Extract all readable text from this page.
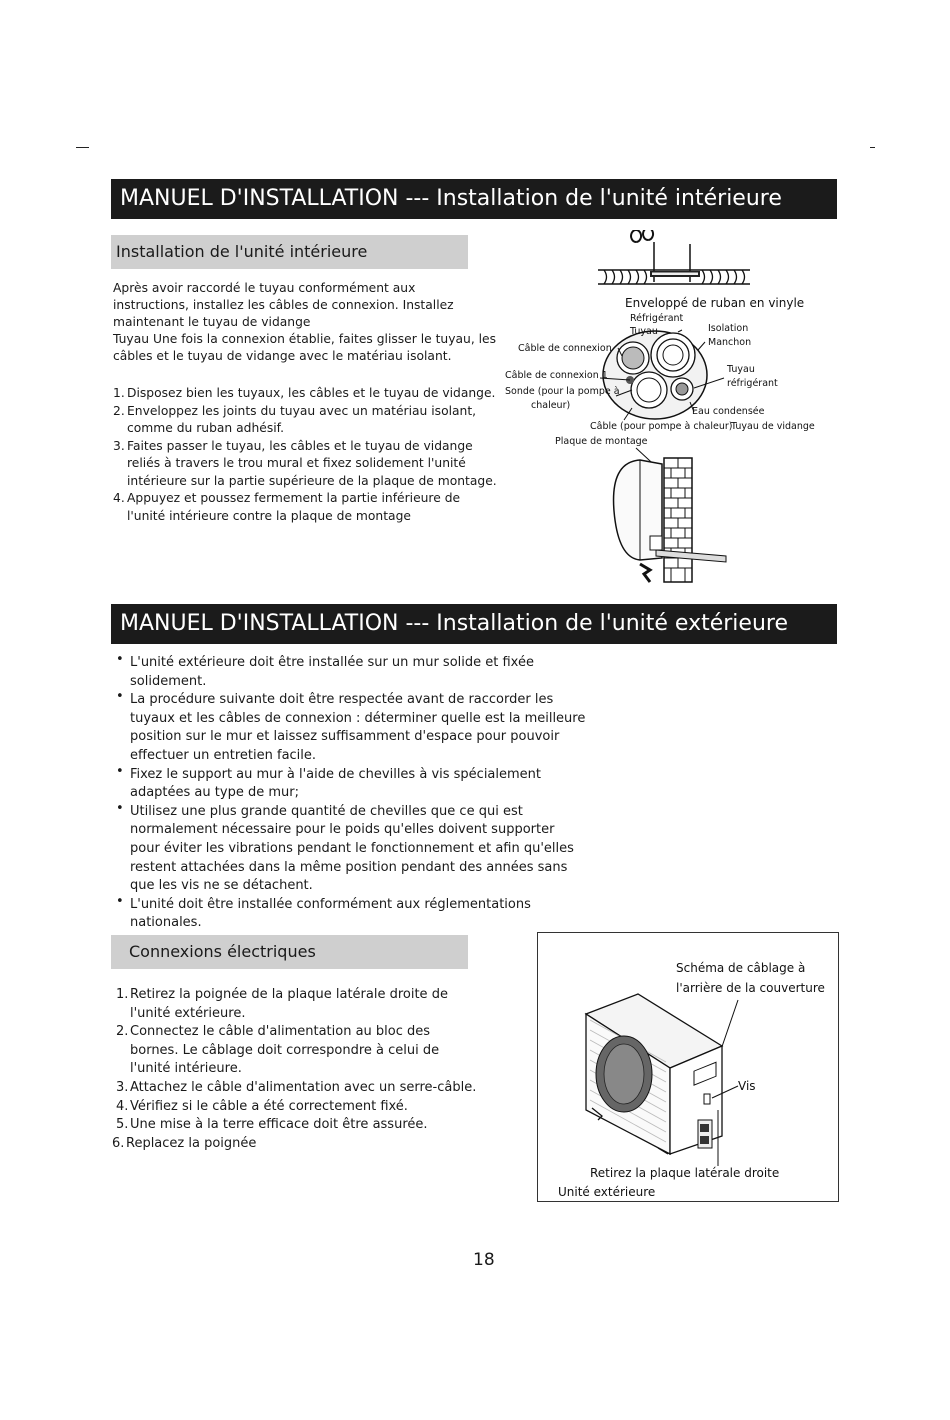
MANUEL D'INSTALLATION --- Installation de l'unité intérieure
Installation de l'unité intérieure
Après avoir raccordé le tuyau conformément aux
instructions, installez les câbles de connexion. Installez
maintenant le tuyau de vidange
Tuyau Une fois la connexion établie, faites glisser le tuyau, les
câbles et le tuyau de vidange avec le matériau isolant.
1. Disposez bien les tuyaux, les câbles et le tuyau de vidange.
2. Enveloppez les joints du tuyau avec un matériau isolant,
comme du ruban adhésif.
3. Faites passer le tuyau, les câbles et le tuyau de vidange
reliés à travers le trou mural et fixez solidement l'unité
intérieure sur la partie supérieure de la plaque de montage.
4. Appuyez et poussez fermement la partie inférieure de
l'unité intérieure contre la plaque de montage
Enveloppé de ruban en vinyle
Réfrigérant
Tuyau
Câble de connexion
Isolation
Manchon
Câble de connexion 1
Sonde (pour la pompe à
chaleur)
Tuyau
réfrigérant
Eau condensée
Câble (pour pompe à chaleur)
Tuyau de vidange
Plaque de montage
MANUEL D'INSTALLATION --- Installation de l'unité extérieure
• L'unité extérieure doit être installée sur un mur solide et fixée
solidement.
• La procédure suivante doit être respectée avant de raccorder les
tuyaux et les câbles de connexion : déterminer quelle est la meilleure
position sur le mur et laissez suffisamment d'espace pour pouvoir
effectuer un entretien facile.
• Fixez le support au mur à l'aide de chevilles à vis spécialement
adaptées au type de mur;
• Utilisez une plus grande quantité de chevilles que ce qui est
normalement nécessaire pour le poids qu'elles doivent supporter
pour éviter les vibrations pendant le fonctionnement et afin qu'elles
restent attachées dans la même position pendant des années sans
que les vis ne se détachent.
• L'unité doit être installée conformément aux réglementations
nationales.
Connexions électriques
1. Retirez la poignée de la plaque latérale droite de
l'unité extérieure.
2. Connectez le câble d'alimentation au bloc des
bornes. Le câblage doit correspondre à celui de
l'unité intérieure.
3. Attachez le câble d'alimentation avec un serre-câble.
4. Vérifiez si le câble a été correctement fixé.
5. Une mise à la terre efficace doit être assurée.
6. Replacez la poignée
Schéma de câblage à
l'arrière de la couverture
Vis
Retirez la plaque latérale droite
Unité extérieure
18
